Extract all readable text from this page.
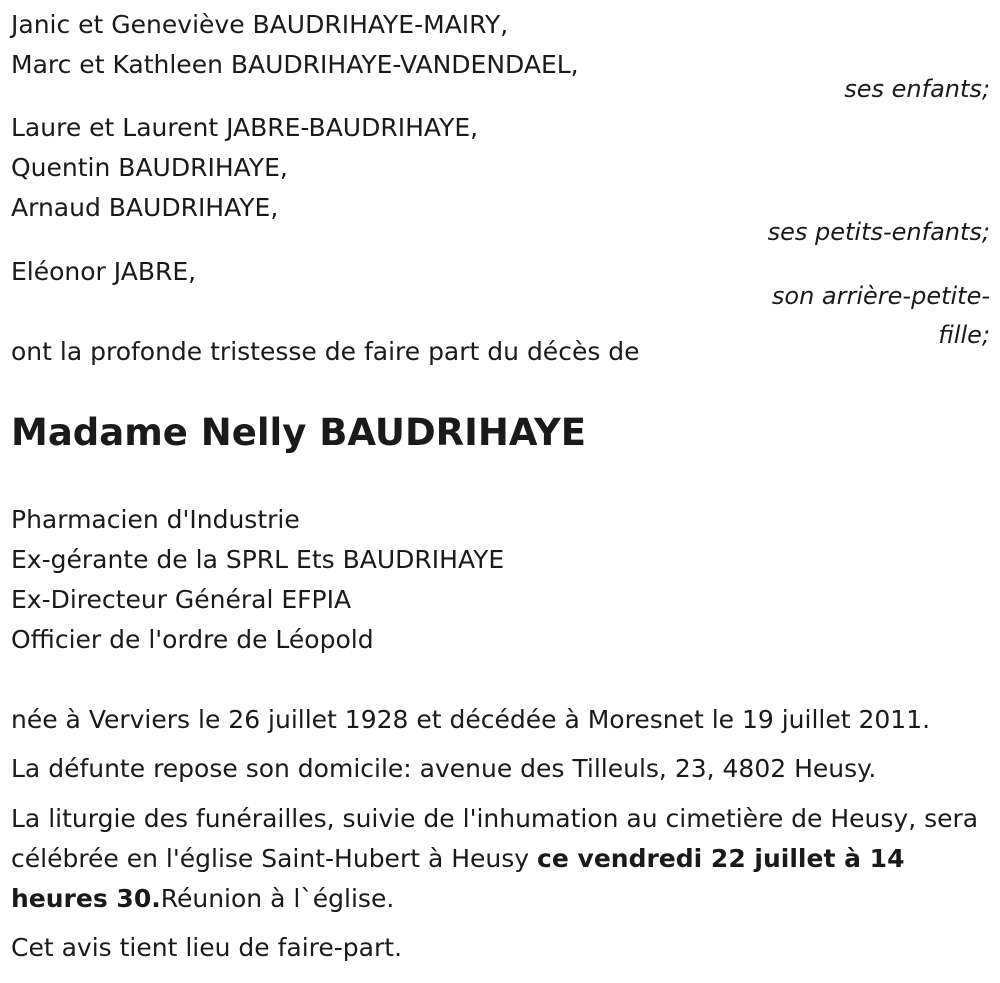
Janic et Geneviève BAUDRIHAYE-MAIRY,
Marc et Kathleen BAUDRIHAYE-VANDENDAEL,
ses enfants;
Laure et Laurent JABRE-BAUDRIHAYE,
Quentin BAUDRIHAYE,
Arnaud BAUDRIHAYE,
ses petits-enfants;
Eléonor JABRE,
son arrière-petite-
fille;
ont la profonde tristesse de faire part du décès de
Madame Nelly BAUDRIHAYE
Pharmacien d'Industrie
Ex-gérante de la SPRL Ets BAUDRIHAYE
Ex-Directeur Général EFPIA
Officier de l'ordre de Léopold
née à Verviers le 26 juillet 1928 et décédée à Moresnet le 19 juillet 2011.
La défunte repose son domicile: avenue des Tilleuls, 23, 4802 Heusy.
La liturgie des funérailles, suivie de l'inhumation au cimetière de Heusy, sera célébrée en l'église Saint-Hubert à Heusy ce vendredi 22 juillet à 14 heures 30.Réunion à l`église.
Cet avis tient lieu de faire-part.
